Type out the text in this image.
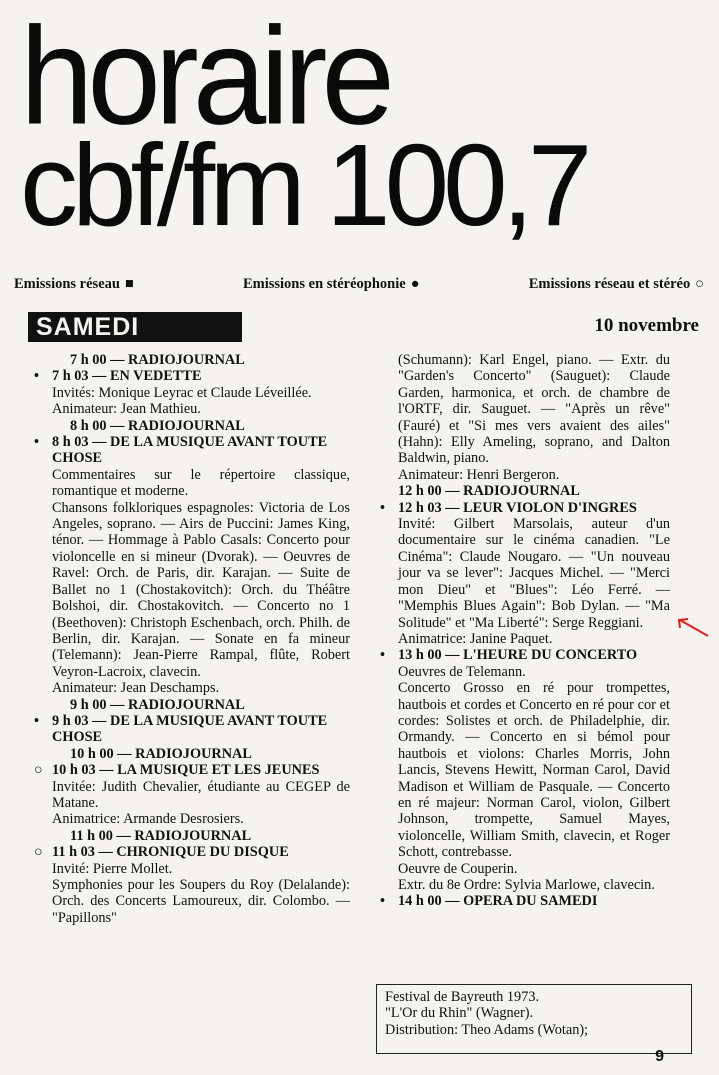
horaire
cbf/fm 100,7
Emissions réseau ■	Emissions en stéréophonie ●	Emissions réseau et stéréo ○
SAMEDI	10 novembre
7 h 00 — RADIOJOURNAL
• 7 h 03 — EN VEDETTE
Invités: Monique Leyrac et Claude Léveillée.
Animateur: Jean Mathieu.
8 h 00 — RADIOJOURNAL
• 8 h 03 — DE LA MUSIQUE AVANT TOUTE CHOSE
Commentaires sur le répertoire classique, romantique et moderne.
Chansons folkloriques espagnoles: Victoria de Los Angeles, soprano. — Airs de Puccini: James King, ténor. — Hommage à Pablo Casals: Concerto pour violoncelle en si mineur (Dvorak). — Oeuvres de Ravel: Orch. de Paris, dir. Karajan. — Suite de Ballet no 1 (Chostakovitch): Orch. du Théâtre Bolshoi, dir. Chostakovitch. — Concerto no 1 (Beethoven): Christoph Eschenbach, orch. Philh. de Berlin, dir. Karajan. — Sonate en fa mineur (Telemann): Jean-Pierre Rampal, flûte, Robert Veyron-Lacroix, clavecin.
Animateur: Jean Deschamps.
9 h 00 — RADIOJOURNAL
• 9 h 03 — DE LA MUSIQUE AVANT TOUTE CHOSE
10 h 00 — RADIOJOURNAL
○ 10 h 03 — LA MUSIQUE ET LES JEUNES
Invitée: Judith Chevalier, étudiante au CEGEP de Matane.
Animatrice: Armande Desrosiers.
11 h 00 — RADIOJOURNAL
○ 11 h 03 — CHRONIQUE DU DISQUE
Invité: Pierre Mollet.
Symphonies pour les Soupers du Roy (Delalande): Orch. des Concerts Lamoureux, dir. Colombo. — "Papillons"
(Schumann): Karl Engel, piano. — Extr. du "Garden's Concerto" (Sauguet): Claude Garden, harmonica, et orch. de chambre de l'ORTF, dir. Sauguet. — "Après un rêve" (Fauré) et "Si mes vers avaient des ailes" (Hahn): Elly Ameling, soprano, and Dalton Baldwin, piano.
Animateur: Henri Bergeron.
12 h 00 — RADIOJOURNAL
• 12 h 03 — LEUR VIOLON D'INGRES
Invité: Gilbert Marsolais, auteur d'un documentaire sur le cinéma canadien. "Le Cinéma": Claude Nougaro. — "Un nouveau jour va se lever": Jacques Michel. — "Merci mon Dieu" et "Blues": Léo Ferré. — "Memphis Blues Again": Bob Dylan. — "Ma Solitude" et "Ma Liberté": Serge Reggiani.
Animatrice: Janine Paquet.
• 13 h 00 — L'HEURE DU CONCERTO
Oeuvres de Telemann.
Concerto Grosso en ré pour trompettes, hautbois et cordes et Concerto en ré pour cor et cordes: Solistes et orch. de Philadelphie, dir. Ormandy. — Concerto en si bémol pour hautbois et violons: Charles Morris, John Lancis, Stevens Hewitt, Norman Carol, David Madison et William de Pasquale. — Concerto en ré majeur: Norman Carol, violon, Gilbert Johnson, trompette, Samuel Mayes, violoncelle, William Smith, clavecin, et Roger Schott, contrebasse.
Oeuvre de Couperin.
Extr. du 8e Ordre: Sylvia Marlowe, clavecin.
• 14 h 00 — OPERA DU SAMEDI
Festival de Bayreuth 1973.
"L'Or du Rhin" (Wagner).
Distribution: Theo Adams (Wotan);
9
